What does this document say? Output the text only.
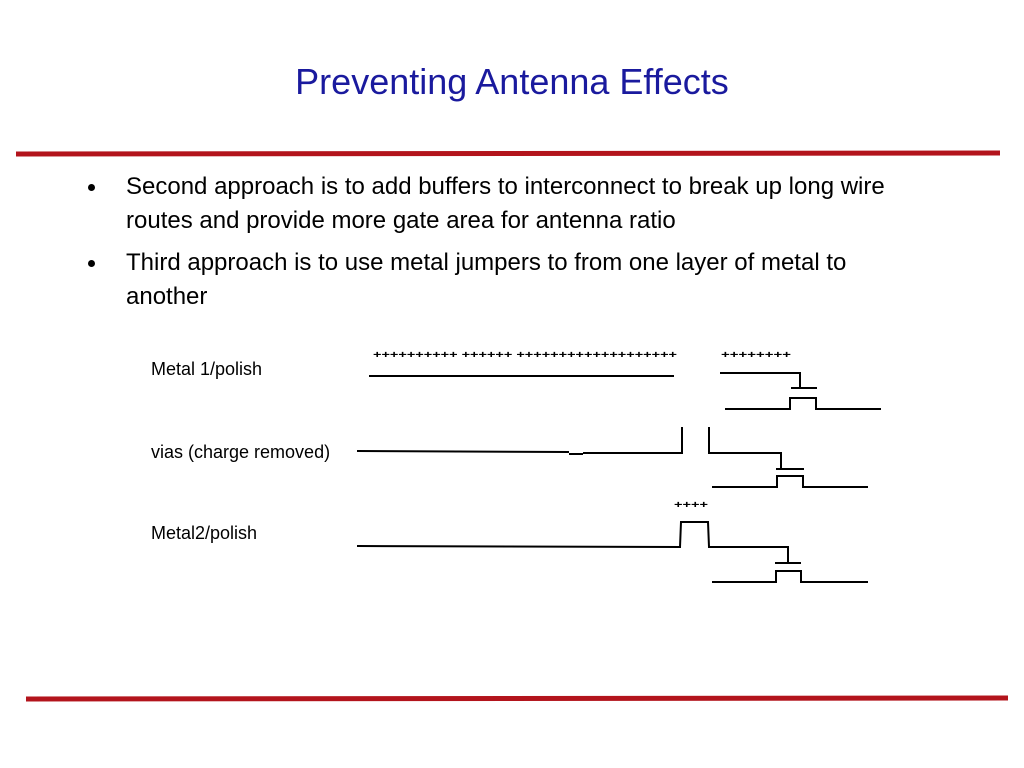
Preventing Antenna Effects
Second approach is to add buffers to interconnect to break up long wire routes and provide more gate area for antenna ratio
Third approach is to use metal jumpers to from one layer of metal to another
Metal 1/polish
vias (charge removed)
Metal2/polish
++++++++++ ++++++ +++++++++++++++++++	++++++++
++++
